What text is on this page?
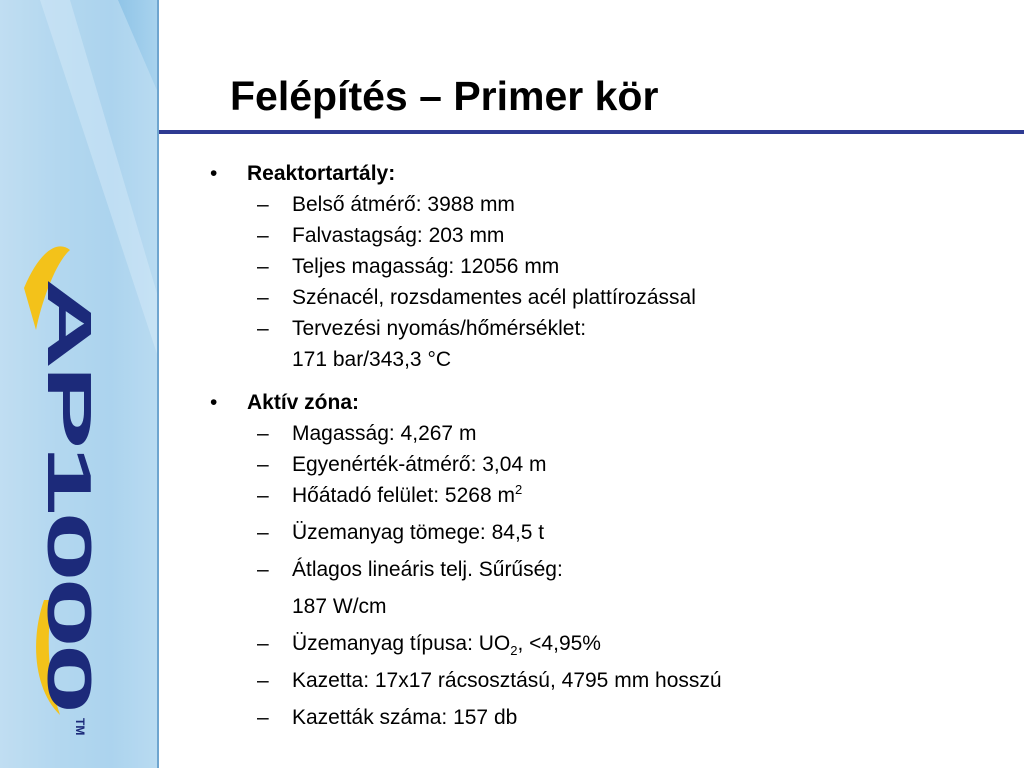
AP1000
TM
Felépítés – Primer kör
•	Reaktortartály:
– Belső átmérő: 3988 mm
– Falvastagság: 203 mm
– Teljes magasság: 12056 mm
– Szénacél, rozsdamentes acél plattírozással
– Tervezési nyomás/hőmérséklet:
171 bar/343,3 °C
•	Aktív zóna:
– Magasság: 4,267 m
– Egyenérték-átmérő: 3,04 m
– Hőátadó felület: 5268 $m^2$
– Üzemanyag tömege: 84,5 t
– Átlagos lineáris telj. Sűrűség:
187 W/cm
– Üzemanyag típusa: $UO_2$, <4,95%
– Kazetta: 17x17 rácsosztású, 4795 mm hosszú
– Kazetták száma: 157 db
